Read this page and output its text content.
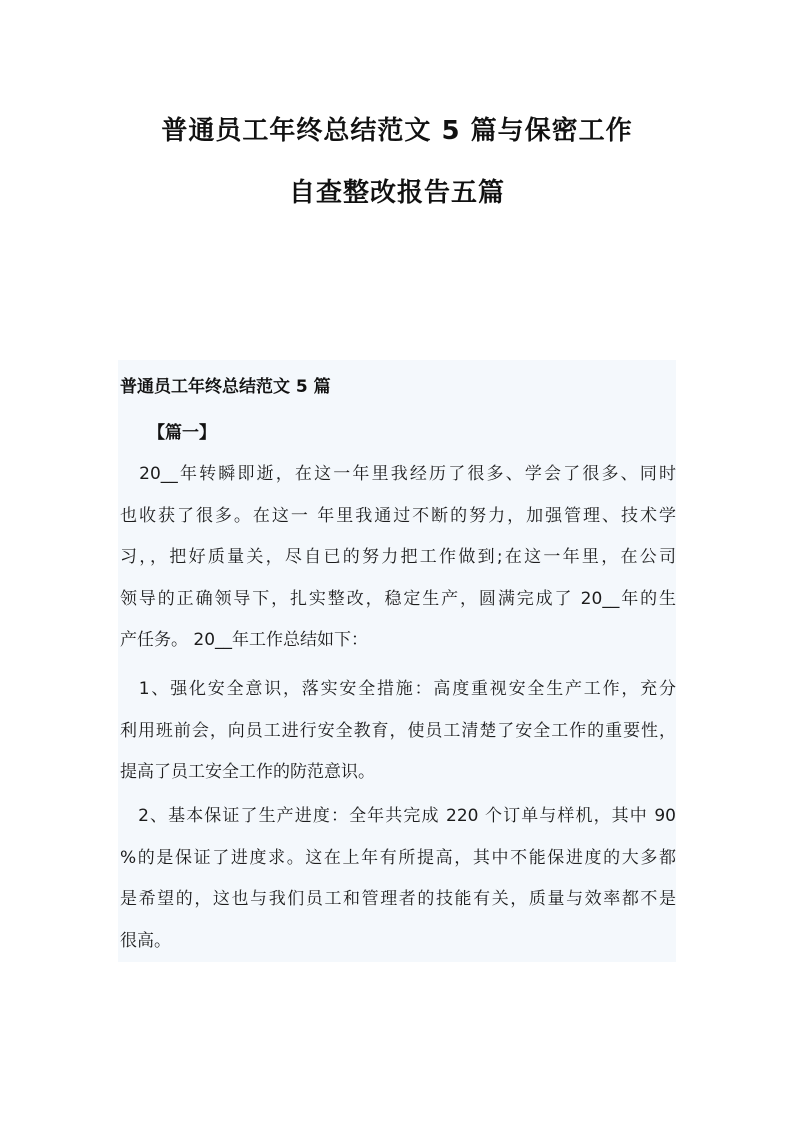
普通员工年终总结范文 5 篇与保密工作
自查整改报告五篇
普通员工年终总结范文 5 篇
【篇一】

　20__年转瞬即逝，在这一年里我经历了很多、学会了很多、同时
也收获了很多。在这一 年里我通过不断的努力，加强管理、技术学
习，，把好质量关，尽自已的努力把工作做到;在这一年里，在公司
领导的正确领导下，扎实整改，稳定生产，圆满完成了 20__年的生
产任务。 20__年工作总结如下：

　1、强化安全意识，落实安全措施：高度重视安全生产工作，充分
利用班前会，向员工进行安全教育，使员工清楚了安全工作的重要性，
提高了员工安全工作的防范意识。

　2、基本保证了生产进度：全年共完成 220 个订单与样机，其中 90
%的是保证了进度求。这在上年有所提高，其中不能保进度的大多都
是希望的，这也与我们员工和管理者的技能有关，质量与效率都不是
很高。
